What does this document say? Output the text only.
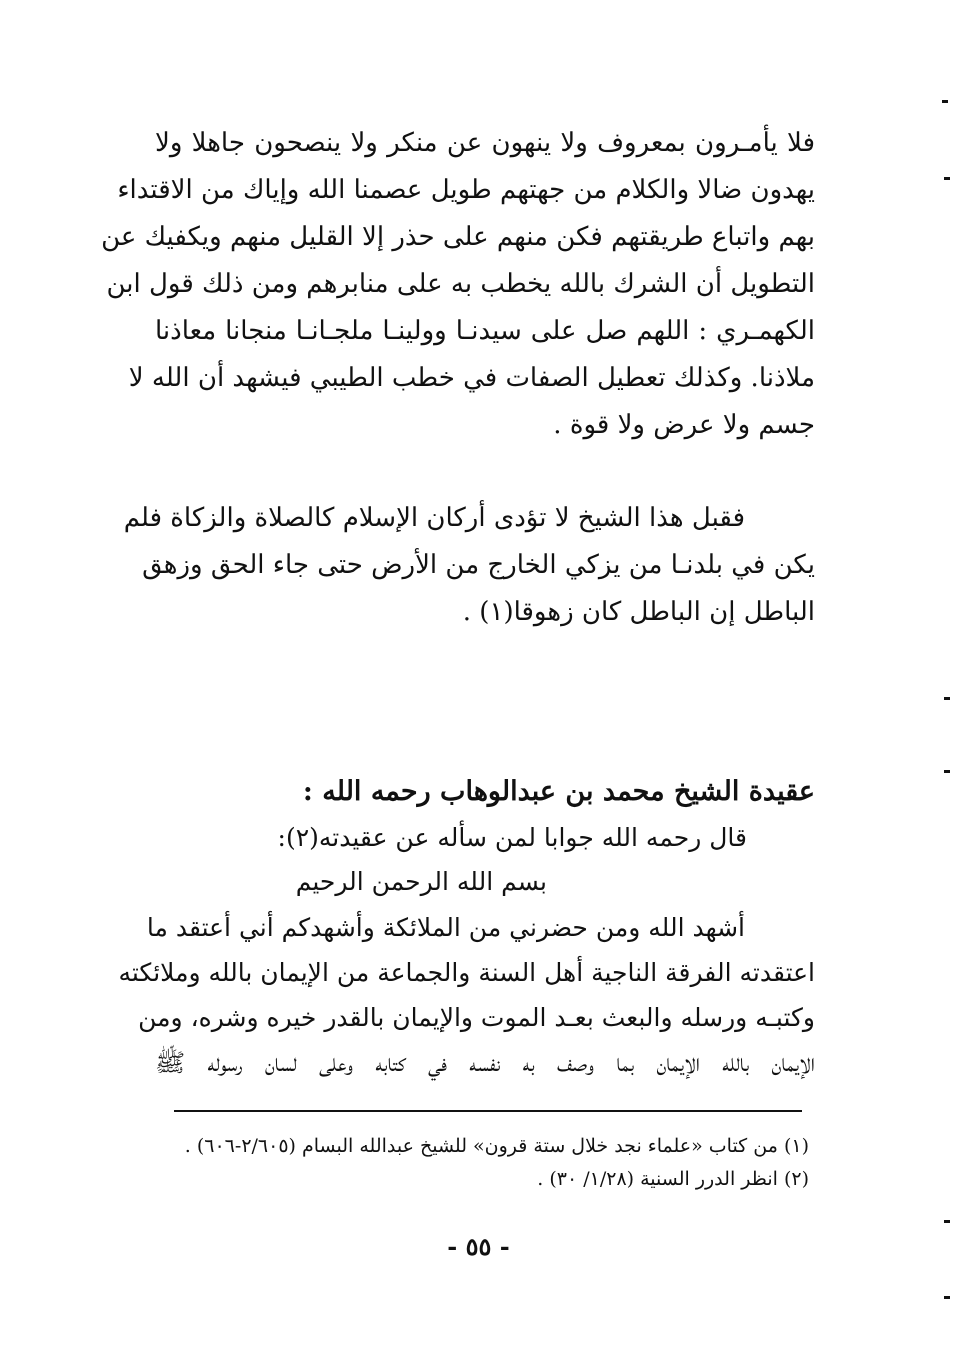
فلا يأمـرون بمعروف ولا ينهون عن منكر ولا ينصحون جاهلا ولا
يهدون ضالا والكلام من جهتهم طويل عصمنا الله وإياك من الاقتداء
بهم واتباع طريقتهم فكن منهم على حذر إلا القليل منهم ويكفيك عن
التطويل أن الشرك بالله يخطب به على منابرهم ومن ذلك قول ابن
الكهمـري : اللهم صل على سيدنـا وولينـا ملجـانـا منجانا معاذنا
ملاذنا. وكذلك تعطيل الصفات في خطب الطيبي فيشهد أن الله لا
جسم ولا عرض ولا قوة .
فقبل هذا الشيخ لا تؤدى أركان الإسلام كالصلاة والزكاة فلم
يكن في بلدنـا من يزكي الخارج من الأرض حتى جاء الحق وزهق
الباطل إن الباطل كان زهوقا(١) .
عقيدة الشيخ محمد بن عبدالوهاب رحمه الله :
قال رحمه الله جوابا لمن سأله عن عقيدته(٢):
بسم الله الرحمن الرحيم
أشهد الله ومن حضرني من الملائكة وأشهدكم أني أعتقد ما
اعتقدته الفرقة الناجية أهل السنة والجماعة من الإيمان بالله وملائكته
وكتبـه ورسله والبعث بعـد الموت والإيمان بالقدر خيره وشره، ومن
الإيمان بالله الإيمان بما وصف به نفسه في كتابه وعلى لسان رسوله ﷺ
(١) من كتاب «علماء نجد خلال ستة قرون» للشيخ عبدالله البسام (٢/٦٠٥-٦٠٦) .
(٢) انظر الدرر السنية (١/٢٨/ ٣٠) .
- ٥٥ -
